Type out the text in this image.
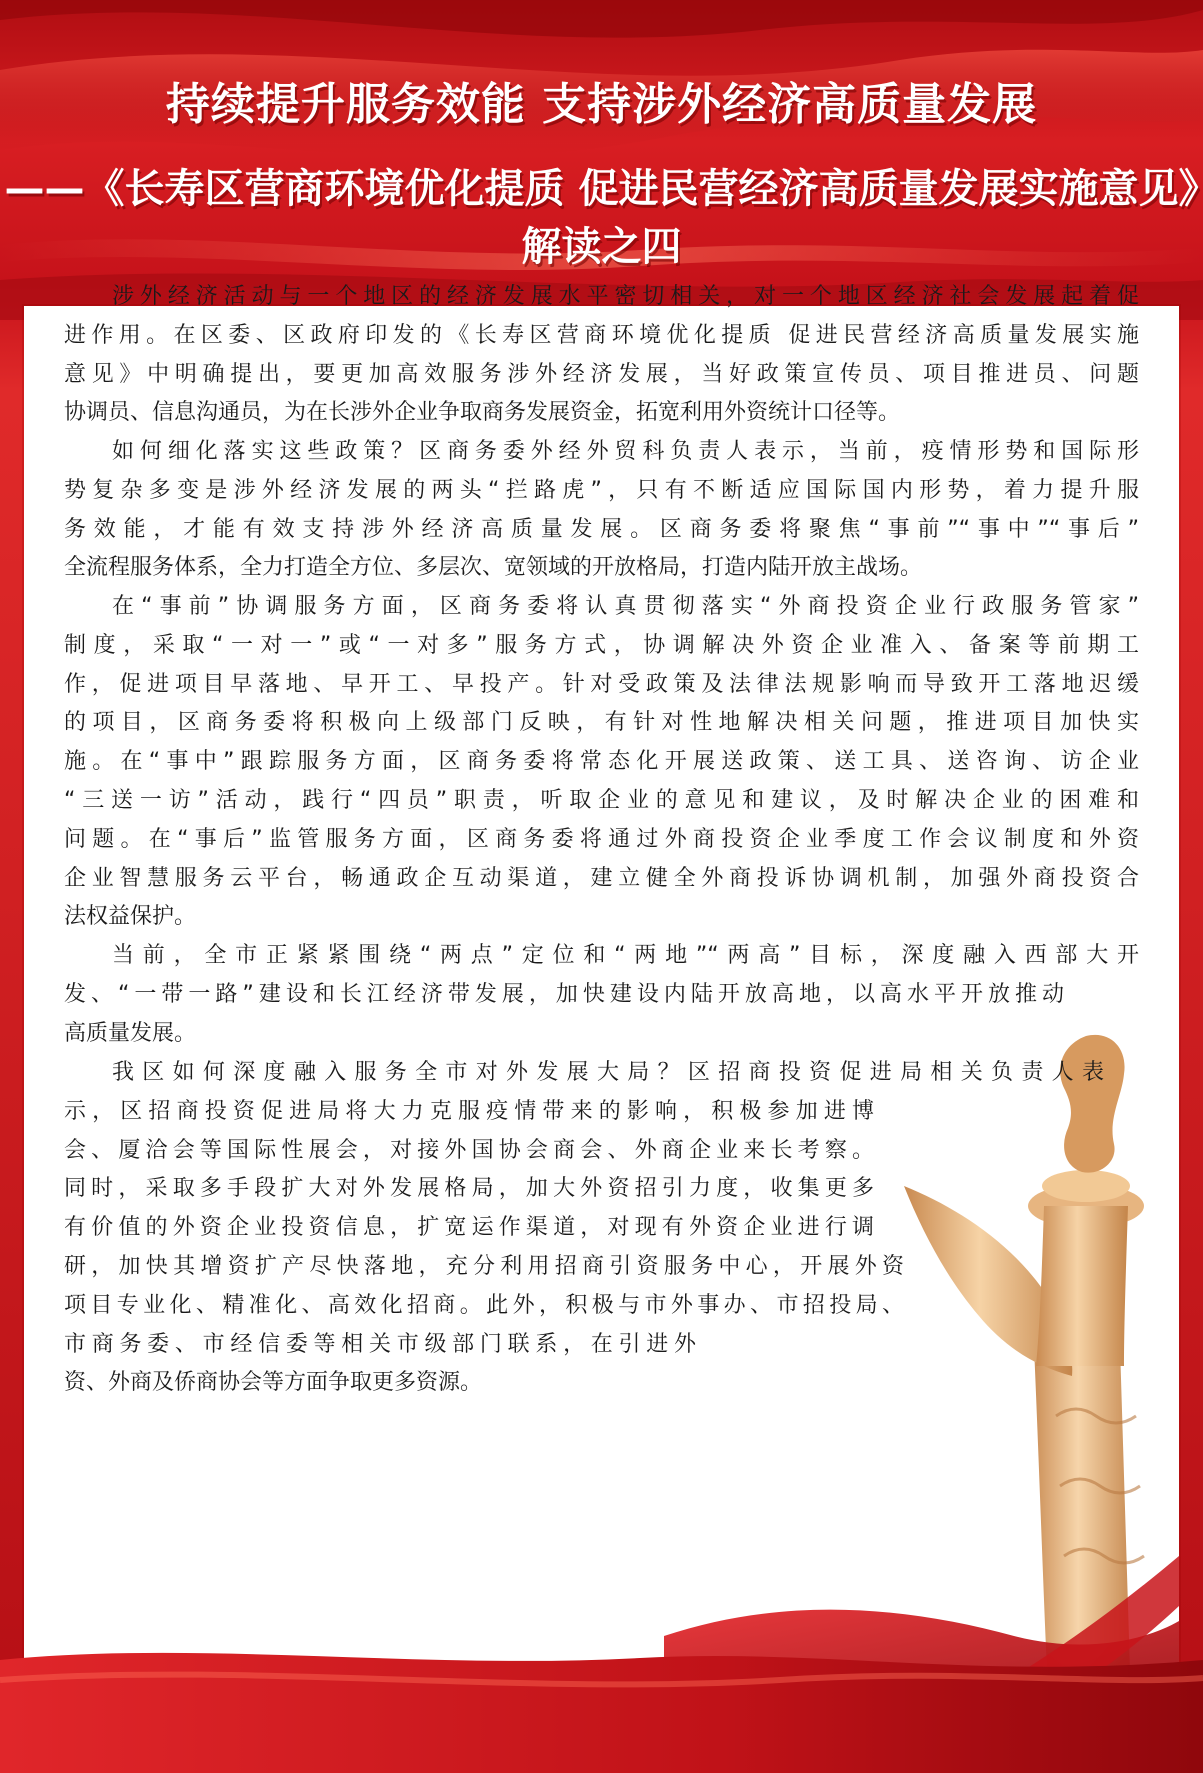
持续提升服务效能 支持涉外经济高质量发展
——《长寿区营商环境优化提质 促进民营经济高质量发展实施意见》解读之四
涉外经济活动与一个地区的经济发展水平密切相关，对一个地区经济社会发展起着促
进作用。在区委、区政府印发的《长寿区营商环境优化提质 促进民营经济高质量发展实施
意见》中明确提出，要更加高效服务涉外经济发展，当好政策宣传员、项目推进员、问题
协调员、信息沟通员，为在长涉外企业争取商务发展资金，拓宽利用外资统计口径等。
如何细化落实这些政策？区商务委外经外贸科负责人表示，当前，疫情形势和国际形
势复杂多变是涉外经济发展的两头“拦路虎”，只有不断适应国际国内形势，着力提升服
务效能，才能有效支持涉外经济高质量发展。区商务委将聚焦“事前”“事中”“事后”
全流程服务体系，全力打造全方位、多层次、宽领域的开放格局，打造内陆开放主战场。
在“事前”协调服务方面，区商务委将认真贯彻落实“外商投资企业行政服务管家”
制度，采取“一对一”或“一对多”服务方式，协调解决外资企业准入、备案等前期工
作，促进项目早落地、早开工、早投产。针对受政策及法律法规影响而导致开工落地迟缓
的项目，区商务委将积极向上级部门反映，有针对性地解决相关问题，推进项目加快实
施。在“事中”跟踪服务方面，区商务委将常态化开展送政策、送工具、送咨询、访企业
“三送一访”活动，践行“四员”职责，听取企业的意见和建议，及时解决企业的困难和
问题。在“事后”监管服务方面，区商务委将通过外商投资企业季度工作会议制度和外资
企业智慧服务云平台，畅通政企互动渠道，建立健全外商投诉协调机制，加强外商投资合
法权益保护。
当前，全市正紧紧围绕“两点”定位和“两地”“两高”目标，深度融入西部大开
发、“一带一路”建设和长江经济带发展，加快建设内陆开放高地，以高水平开放推动
高质量发展。
我区如何深度融入服务全市对外发展大局？区招商投资促进局相关负责人表
示，区招商投资促进局将大力克服疫情带来的影响，积极参加进博
会、厦洽会等国际性展会，对接外国协会商会、外商企业来长考察。
同时，采取多手段扩大对外发展格局，加大外资招引力度，收集更多
有价值的外资企业投资信息，扩宽运作渠道，对现有外资企业进行调
研，加快其增资扩产尽快落地，充分利用招商引资服务中心，开展外资
项目专业化、精准化、高效化招商。此外，积极与市外事办、市招投局、
市商务委、市经信委等相关市级部门联系，在引进外
资、外商及侨商协会等方面争取更多资源。
